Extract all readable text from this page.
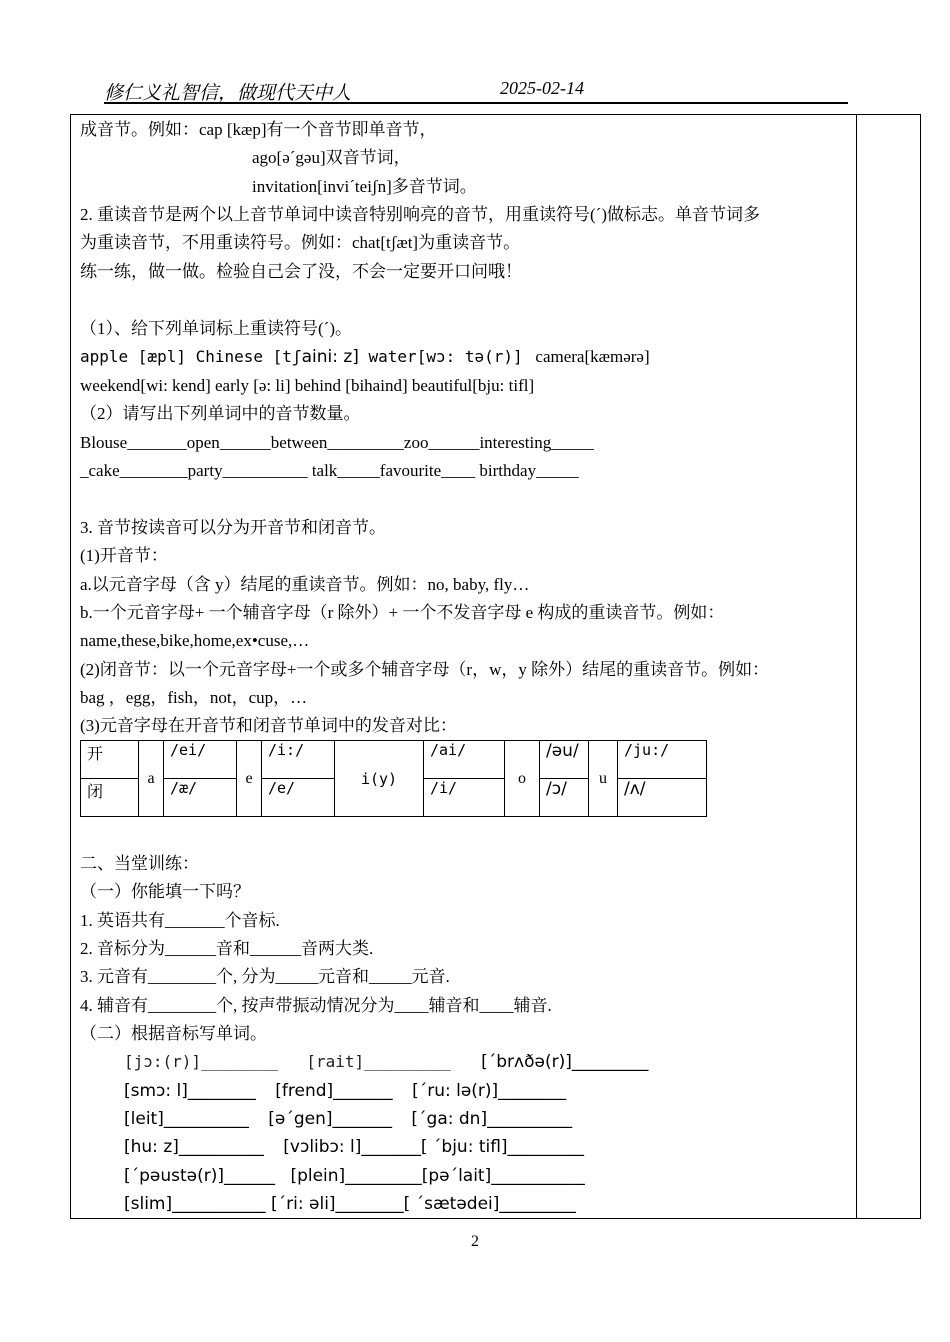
修仁义礼智信，做现代天中人	2025-02-14
成音节。例如：cap [kæp]有一个音节即单音节，
ago[ə´gəu]双音节词，
invitation[invi´teiʃn]多音节词。
2. 重读音节是两个以上音节单词中读音特别响亮的音节，用重读符号(´)做标志。单音节词多
为重读音节，不用重读符号。例如：chat[tʃæt]为重读音节。
练一练，做一做。检验自己会了没，不会一定要开口问哦！
（1）、给下列单词标上重读符号(´)。
apple [æpl] Chinese [tʃaini: z] water[wɔ: tə(r)] camera[kæmərə]
weekend[wi: kend] early [ə: li] behind [bihaind] beautiful[bju: tifl]
（2）请写出下列单词中的音节数量。
Blouse_______open______between_________zoo______interesting_____
_cake________party__________ talk_____favourite____ birthday_____
3. 音节按读音可以分为开音节和闭音节。
(1)开音节：
a.以元音字母（含 y）结尾的重读音节。例如：no, baby, fly…
b.一个元音字母+ 一个辅音字母（r 除外）+ 一个不发音字母 e 构成的重读音节。例如：
name,these,bike,home,ex•cuse,…
(2)闭音节：以一个元音字母+一个或多个辅音字母（r，w，y 除外）结尾的重读音节。例如：
bag ，egg，fish，not，cup，…
(3)元音字母在开音节和闭音节单词中的发音对比：
开	a	/ei/	e	/i:/	i(y)	/ai/	o	/əu/	u	/ju:/
闭		/æ/		/e/		/i/		/ɔ/		/ʌ/
二、当堂训练：
（一）你能填一下吗？
1. 英语共有_______个音标.
2. 音标分为______音和______音两大类.
3. 元音有________个, 分为_____元音和_____元音.
4. 辅音有________个, 按声带振动情况分为____辅音和____辅音.
（二）根据音标写单词。
[jɔ:(r)]________ [rait]_________ [´brʌðə(r)]_________
[smɔ: l]________ [frend]_______ [´ru: lə(r)]________
[leit]__________ [ə´gen]_______ [´ga: dn]__________
[hu: z]__________ [vɔlibɔ: l]_______[ ´bju: tifl]_________
[´pəustə(r)]______ [plein]_________[pə´lait]___________
[slim]___________ [´ri: əli]________[ ´sætədei]_________
2
